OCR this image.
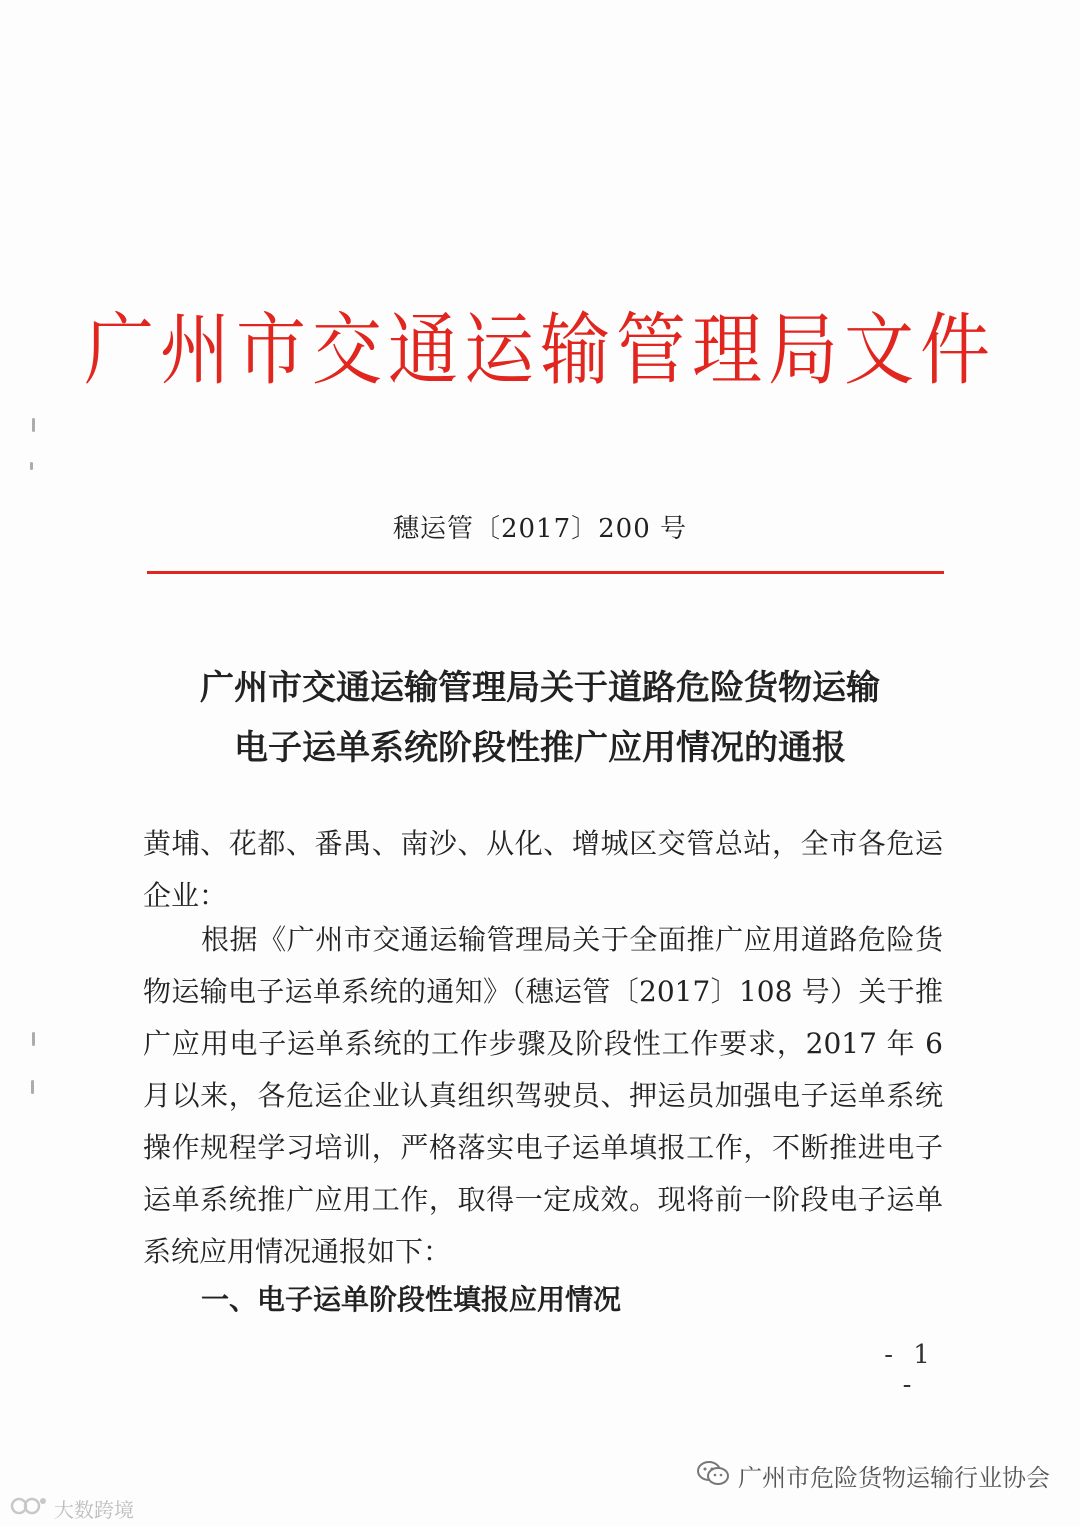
广州市交通运输管理局文件
穗运管〔2017〕200 号
广州市交通运输管理局关于道路危险货物运输
电子运单系统阶段性推广应用情况的通报

黄埔、花都、番禺、南沙、从化、增城区交管总站，全市各危运企业：

根据《广州市交通运输管理局关于全面推广应用道路危险货物运输电子运单系统的通知》（穗运管〔2017〕108 号）关于推广应用电子运单系统的工作步骤及阶段性工作要求，2017 年 6 月以来，各危运企业认真组织驾驶员、押运员加强电子运单系统操作规程学习培训，严格落实电子运单填报工作，不断推进电子运单系统推广应用工作，取得一定成效。现将前一阶段电子运单系统应用情况通报如下：

一、电子运单阶段性填报应用情况
- 1 -
广州市危险货物运输行业协会
大数跨境
